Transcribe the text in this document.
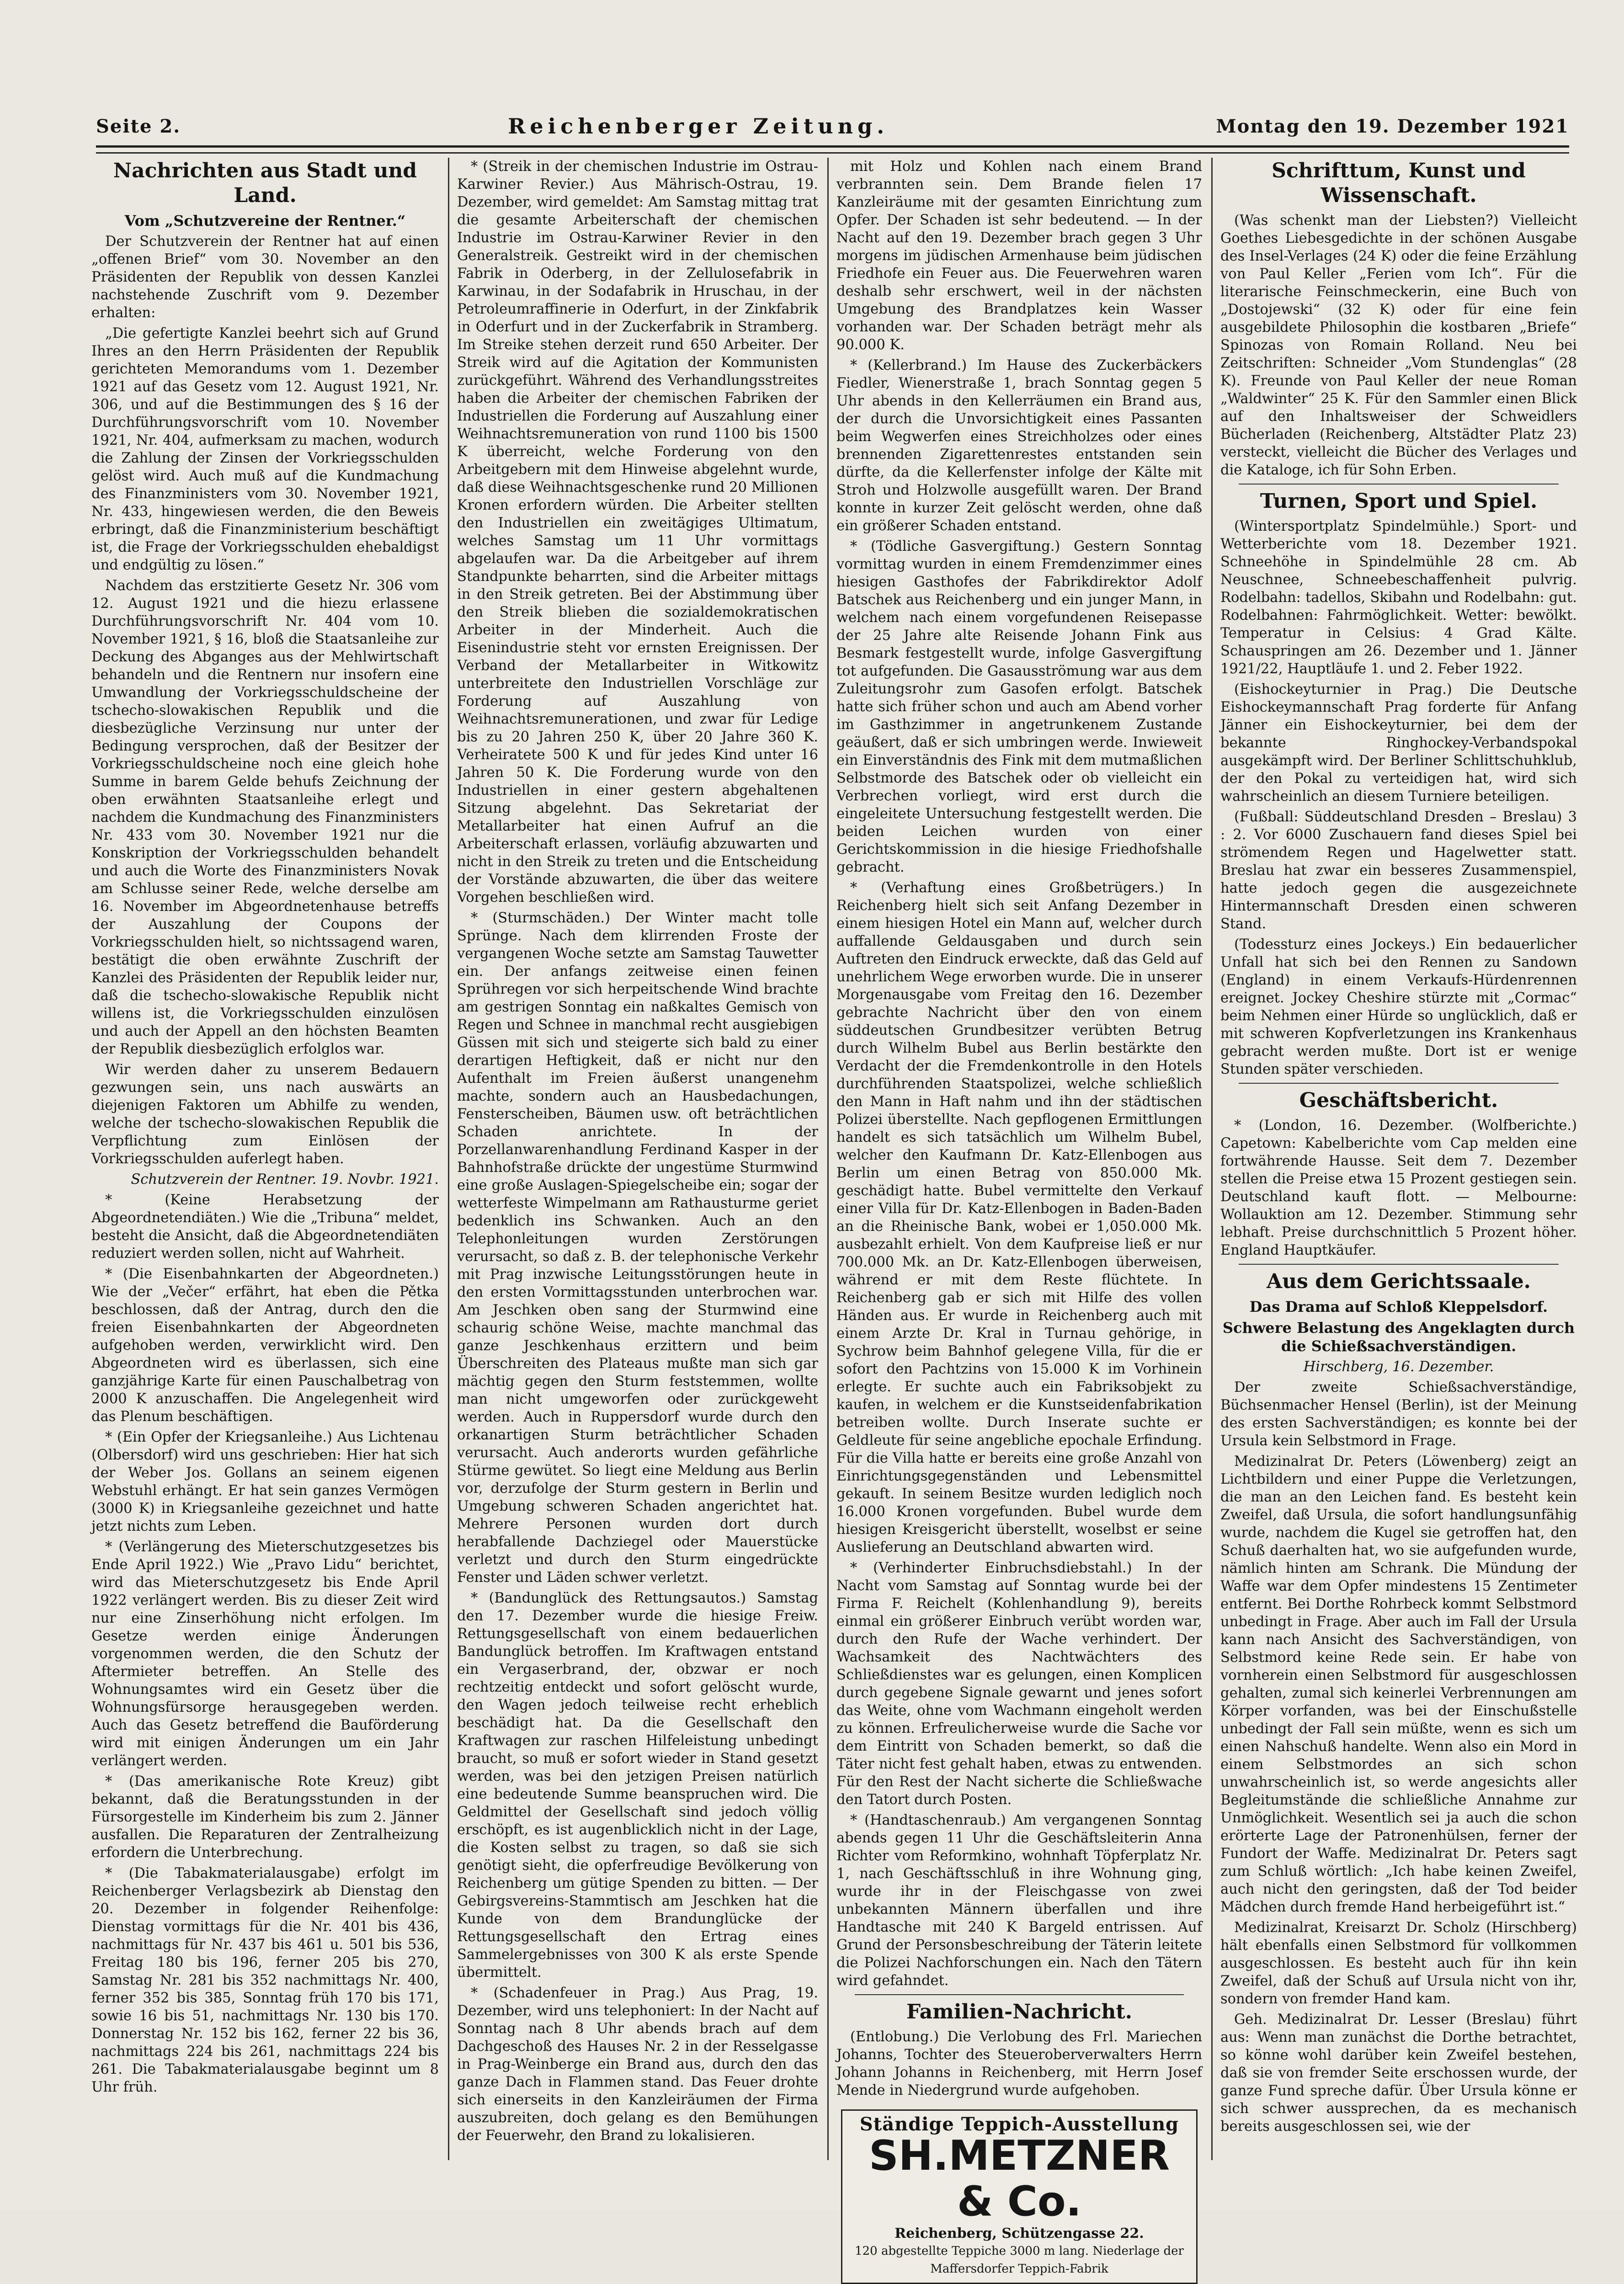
Seite 2.	Reichenberger Zeitung.	Montag den 19. Dezember 1921
Nachrichten aus Stadt und Land.
Vom „Schutzvereine der Rentner.“

Der Schutzverein der Rentner hat auf einen „offenen Brief“ vom 30. November an den Präsidenten der Republik von dessen Kanzlei nachstehende Zuschrift vom 9. Dezember erhalten:

„Die gefertigte Kanzlei beehrt sich auf Grund Ihres an den Herrn Präsidenten der Republik gerichteten Memorandums vom 1. Dezember 1921 auf das Gesetz vom 12. August 1921, Nr. 306, und auf die Bestimmungen des § 16 der Durchführungsvorschrift vom 10. November 1921, Nr. 404, aufmerksam zu machen, wodurch die Zahlung der Zinsen der Vorkriegsschulden gelöst wird. Auch muß auf die Kundmachung des Finanzministers vom 30. November 1921, Nr. 433, hingewiesen werden, die den Beweis erbringt, daß die Finanzministerium beschäftigt ist, die Frage der Vorkriegsschulden ehebaldigst und endgültig zu lösen.“

Nachdem das erstzitierte Gesetz Nr. 306 vom 12. August 1921 und die hiezu erlassene Durchführungsvorschrift Nr. 404 vom 10. November 1921, § 16, bloß die Staatsanleihe zur Deckung des Abganges aus der Mehlwirtschaft behandeln und die Rentnern nur insofern eine Umwandlung der Vorkriegsschuldscheine der tschecho-slowakischen Republik und die diesbezügliche Verzinsung nur unter der Bedingung versprochen, daß der Besitzer der Vorkriegsschuldscheine noch eine gleich hohe Summe in barem Gelde behufs Zeichnung der oben erwähnten Staatsanleihe erlegt und nachdem die Kundmachung des Finanzministers Nr. 433 vom 30. November 1921 nur die Konskription der Vorkriegsschulden behandelt und auch die Worte des Finanzministers Novak am Schlusse seiner Rede, welche derselbe am 16. November im Abgeordnetenhause betreffs der Auszahlung der Coupons der Vorkriegsschulden hielt, so nichtssagend waren, bestätigt die oben erwähnte Zuschrift der Kanzlei des Präsidenten der Republik leider nur, daß die tschecho-slowakische Republik nicht willens ist, die Vorkriegsschulden einzulösen und auch der Appell an den höchsten Beamten der Republik diesbezüglich erfolglos war.

Wir werden daher zu unserem Bedauern gezwungen sein, uns nach auswärts an diejenigen Faktoren um Abhilfe zu wenden, welche der tschecho-slowakischen Republik die Verpflichtung zum Einlösen der Vorkriegsschulden auferlegt haben.

Schutzverein der Rentner. 19. Novbr. 1921.

* (Keine Herabsetzung der Abgeordnetendiäten.) Wie die „Tribuna“ meldet, besteht die Ansicht, daß die Abgeordnetendiäten reduziert werden sollen, nicht auf Wahrheit.

* (Die Eisenbahnkarten der Abgeordneten.) Wie der „Večer“ erfährt, hat eben die Pětka beschlossen, daß der Antrag, durch den die freien Eisenbahnkarten der Abgeordneten aufgehoben werden, verwirklicht wird. Den Abgeordneten wird es überlassen, sich eine ganzjährige Karte für einen Pauschalbetrag von 2000 K anzuschaffen. Die Angelegenheit wird das Plenum beschäftigen.

* (Ein Opfer der Kriegsanleihe.) Aus Lichtenau (Olbersdorf) wird uns geschrieben: Hier hat sich der Weber Jos. Gollans an seinem eigenen Webstuhl erhängt. Er hat sein ganzes Vermögen (3000 K) in Kriegsanleihe gezeichnet und hatte jetzt nichts zum Leben.

* (Verlängerung des Mieterschutzgesetzes bis Ende April 1922.) Wie „Pravo Lidu“ berichtet, wird das Mieterschutzgesetz bis Ende April 1922 verlängert werden. Bis zu dieser Zeit wird nur eine Zinserhöhung nicht erfolgen. Im Gesetze werden einige Änderungen vorgenommen werden, die den Schutz der Aftermieter betreffen. An Stelle des Wohnungsamtes wird ein Gesetz über die Wohnungsfürsorge herausgegeben werden. Auch das Gesetz betreffend die Bauförderung wird mit einigen Änderungen um ein Jahr verlängert werden.

* (Das amerikanische Rote Kreuz) gibt bekannt, daß die Beratungsstunden in der Fürsorgestelle im Kinderheim bis zum 2. Jänner ausfallen. Die Reparaturen der Zentralheizung erfordern die Unterbrechung.

* (Die Tabakmaterialausgabe) erfolgt im Reichenberger Verlagsbezirk ab Dienstag den 20. Dezember in folgender Reihenfolge: Dienstag vormittags für die Nr. 401 bis 436, nachmittags für Nr. 437 bis 461 u. 501 bis 536, Freitag 180 bis 196, ferner 205 bis 270, Samstag Nr. 281 bis 352 nachmittags Nr. 400, ferner 352 bis 385, Sonntag früh 170 bis 171, sowie 16 bis 51, nachmittags Nr. 130 bis 170. Donnerstag Nr. 152 bis 162, ferner 22 bis 36, nachmittags 224 bis 261, nachmittags 224 bis 261. Die Tabakmaterialausgabe beginnt um 8 Uhr früh.

* (Streik in der chemischen Industrie im Ostrau-Karwiner Revier.) Aus Mährisch-Ostrau, 19. Dezember, wird gemeldet: Am Samstag mittag trat die gesamte Arbeiterschaft der chemischen Industrie im Ostrau-Karwiner Revier in den Generalstreik. Gestreikt wird in der chemischen Fabrik in Oderberg, in der Zellulosefabrik in Karwinau, in der Sodafabrik in Hruschau, in der Petroleumraffinerie in Oderfurt, in der Zinkfabrik in Oderfurt und in der Zuckerfabrik in Stramberg. Im Streike stehen derzeit rund 650 Arbeiter. Der Streik wird auf die Agitation der Kommunisten zurückgeführt. Während des Verhandlungsstreites haben die Arbeiter der chemischen Fabriken der Industriellen die Forderung auf Auszahlung einer Weihnachtsremuneration von rund 1100 bis 1500 K überreicht, welche Forderung von den Arbeitgebern mit dem Hinweise abgelehnt wurde, daß diese Weihnachtsgeschenke rund 20 Millionen Kronen erfordern würden. Die Arbeiter stellten den Industriellen ein zweitägiges Ultimatum, welches Samstag um 11 Uhr vormittags abgelaufen war. Da die Arbeitgeber auf ihrem Standpunkte beharrten, sind die Arbeiter mittags in den Streik getreten. Bei der Abstimmung über den Streik blieben die sozialdemokratischen Arbeiter in der Minderheit. Auch die Eisenindustrie steht vor ernsten Ereignissen. Der Verband der Metallarbeiter in Witkowitz unterbreitete den Industriellen Vorschläge zur Forderung auf Auszahlung von Weihnachtsremunerationen, und zwar für Ledige bis zu 20 Jahren 250 K, über 20 Jahre 360 K. Verheiratete 500 K und für jedes Kind unter 16 Jahren 50 K. Die Forderung wurde von den Industriellen in einer gestern abgehaltenen Sitzung abgelehnt. Das Sekretariat der Metallarbeiter hat einen Aufruf an die Arbeiterschaft erlassen, vorläufig abzuwarten und nicht in den Streik zu treten und die Entscheidung der Vorstände abzuwarten, die über das weitere Vorgehen beschließen wird.

* (Sturmschäden.) Der Winter macht tolle Sprünge. Nach dem klirrenden Froste der vergangenen Woche setzte am Samstag Tauwetter ein. Der anfangs zeitweise einen feinen Sprühregen vor sich herpeitschende Wind brachte am gestrigen Sonntag ein naßkaltes Gemisch von Regen und Schnee in manchmal recht ausgiebigen Güssen mit sich und steigerte sich bald zu einer derartigen Heftigkeit, daß er nicht nur den Aufenthalt im Freien äußerst unangenehm machte, sondern auch an Hausbedachungen, Fensterscheiben, Bäumen usw. oft beträchtlichen Schaden anrichtete. In der Porzellanwarenhandlung Ferdinand Kasper in der Bahnhofstraße drückte der ungestüme Sturmwind eine große Auslagen-Spiegelscheibe ein; sogar der wetterfeste Wimpelmann am Rathausturme geriet bedenklich ins Schwanken. Auch an den Telephonleitungen wurden Zerstörungen verursacht, so daß z. B. der telephonische Verkehr mit Prag inzwische Leitungsstörungen heute in den ersten Vormittagsstunden unterbrochen war. Am Jeschken oben sang der Sturmwind eine schaurig schöne Weise, machte manchmal das ganze Jeschkenhaus erzittern und beim Überschreiten des Plateaus mußte man sich gar mächtig gegen den Sturm feststemmen, wollte man nicht umgeworfen oder zurückgeweht werden. Auch in Ruppersdorf wurde durch den orkanartigen Sturm beträchtlicher Schaden verursacht. Auch anderorts wurden gefährliche Stürme gewütet. So liegt eine Meldung aus Berlin vor, derzufolge der Sturm gestern in Berlin und Umgebung schweren Schaden angerichtet hat. Mehrere Personen wurden dort durch herabfallende Dachziegel oder Mauerstücke verletzt und durch den Sturm eingedrückte Fenster und Läden schwer verletzt.

* (Bandunglück des Rettungsautos.) Samstag den 17. Dezember wurde die hiesige Freiw. Rettungsgesellschaft von einem bedauerlichen Bandunglück betroffen. Im Kraftwagen entstand ein Vergaserbrand, der, obzwar er noch rechtzeitig entdeckt und sofort gelöscht wurde, den Wagen jedoch teilweise recht erheblich beschädigt hat. Da die Gesellschaft den Kraftwagen zur raschen Hilfeleistung unbedingt braucht, so muß er sofort wieder in Stand gesetzt werden, was bei den jetzigen Preisen natürlich eine bedeutende Summe beanspruchen wird. Die Geldmittel der Gesellschaft sind jedoch völlig erschöpft, es ist augenblicklich nicht in der Lage, die Kosten selbst zu tragen, so daß sie sich genötigt sieht, die opferfreudige Bevölkerung von Reichenberg um gütige Spenden zu bitten. — Der Gebirgsvereins-Stammtisch am Jeschken hat die Kunde von dem Brandunglücke der Rettungsgesellschaft den Ertrag eines Sammelergebnisses von 300 K als erste Spende übermittelt.

* (Schadenfeuer in Prag.) Aus Prag, 19. Dezember, wird uns telephoniert: In der Nacht auf Sonntag nach 8 Uhr abends brach auf dem Dachgeschoß des Hauses Nr. 2 in der Resselgasse in Prag-Weinberge ein Brand aus, durch den das ganze Dach in Flammen stand. Das Feuer drohte sich einerseits in den Kanzleiräumen der Firma auszubreiten, doch gelang es den Bemühungen der Feuerwehr, den Brand zu lokalisieren.

mit Holz und Kohlen nach einem Brand verbrannten sein. Dem Brande fielen 17 Kanzleiräume mit der gesamten Einrichtung zum Opfer. Der Schaden ist sehr bedeutend. — In der Nacht auf den 19. Dezember brach gegen 3 Uhr morgens im jüdischen Armenhause beim jüdischen Friedhofe ein Feuer aus. Die Feuerwehren waren deshalb sehr erschwert, weil in der nächsten Umgebung des Brandplatzes kein Wasser vorhanden war. Der Schaden beträgt mehr als 90.000 K.

* (Kellerbrand.) Im Hause des Zuckerbäckers Fiedler, Wienerstraße 1, brach Sonntag gegen 5 Uhr abends in den Kellerräumen ein Brand aus, der durch die Unvorsichtigkeit eines Passanten beim Wegwerfen eines Streichholzes oder eines brennenden Zigarettenrestes entstanden sein dürfte, da die Kellerfenster infolge der Kälte mit Stroh und Holzwolle ausgefüllt waren. Der Brand konnte in kurzer Zeit gelöscht werden, ohne daß ein größerer Schaden entstand.

* (Tödliche Gasvergiftung.) Gestern Sonntag vormittag wurden in einem Fremdenzimmer eines hiesigen Gasthofes der Fabrikdirektor Adolf Batschek aus Reichenberg und ein junger Mann, in welchem nach einem vorgefundenen Reisepasse der 25 Jahre alte Reisende Johann Fink aus Besmark festgestellt wurde, infolge Gasvergiftung tot aufgefunden. Die Gasausströmung war aus dem Zuleitungsrohr zum Gasofen erfolgt. Batschek hatte sich früher schon und auch am Abend vorher im Gasthzimmer in angetrunkenem Zustande geäußert, daß er sich umbringen werde. Inwieweit ein Einverständnis des Fink mit dem mutmaßlichen Selbstmorde des Batschek oder ob vielleicht ein Verbrechen vorliegt, wird erst durch die eingeleitete Untersuchung festgestellt werden. Die beiden Leichen wurden von einer Gerichtskommission in die hiesige Friedhofshalle gebracht.

* (Verhaftung eines Großbetrügers.) In Reichenberg hielt sich seit Anfang Dezember in einem hiesigen Hotel ein Mann auf, welcher durch auffallende Geldausgaben und durch sein Auftreten den Eindruck erweckte, daß das Geld auf unehrlichem Wege erworben wurde. Die in unserer Morgenausgabe vom Freitag den 16. Dezember gebrachte Nachricht über den von einem süddeutschen Grundbesitzer verübten Betrug durch Wilhelm Bubel aus Berlin bestärkte den Verdacht der die Fremdenkontrolle in den Hotels durchführenden Staatspolizei, welche schließlich den Mann in Haft nahm und ihn der städtischen Polizei überstellte. Nach gepflogenen Ermittlungen handelt es sich tatsächlich um Wilhelm Bubel, welcher den Kaufmann Dr. Katz-Ellenbogen aus Berlin um einen Betrag von 850.000 Mk. geschädigt hatte. Bubel vermittelte den Verkauf einer Villa für Dr. Katz-Ellenbogen in Baden-Baden an die Rheinische Bank, wobei er 1,050.000 Mk. ausbezahlt erhielt. Von dem Kaufpreise ließ er nur 700.000 Mk. an Dr. Katz-Ellenbogen überweisen, während er mit dem Reste flüchtete. In Reichenberg gab er sich mit Hilfe des vollen Händen aus. Er wurde in Reichenberg auch mit einem Arzte Dr. Kral in Turnau gehörige, in Sychrow beim Bahnhof gelegene Villa, für die er sofort den Pachtzins von 15.000 K im Vorhinein erlegte. Er suchte auch ein Fabriksobjekt zu kaufen, in welchem er die Kunstseidenfabrikation betreiben wollte. Durch Inserate suchte er Geldleute für seine angebliche epochale Erfindung. Für die Villa hatte er bereits eine große Anzahl von Einrichtungsgegenständen und Lebensmittel gekauft. In seinem Besitze wurden lediglich noch 16.000 Kronen vorgefunden. Bubel wurde dem hiesigen Kreisgericht überstellt, woselbst er seine Auslieferung an Deutschland abwarten wird.

* (Verhinderter Einbruchsdiebstahl.) In der Nacht vom Samstag auf Sonntag wurde bei der Firma F. Reichelt (Kohlenhandlung 9), bereits einmal ein größerer Einbruch verübt worden war, durch den Rufe der Wache verhindert. Der Wachsamkeit des Nachtwächters des Schließdienstes war es gelungen, einen Komplicen durch gegebene Signale gewarnt und jenes sofort das Weite, ohne vom Wachmann eingeholt werden zu können. Erfreulicherweise wurde die Sache vor dem Eintritt von Schaden bemerkt, so daß die Täter nicht fest gehalt haben, etwas zu entwenden. Für den Rest der Nacht sicherte die Schließwache den Tatort durch Posten.

* (Handtaschenraub.) Am vergangenen Sonntag abends gegen 11 Uhr die Geschäftsleiterin Anna Richter vom Reformkino, wohnhaft Töpferplatz Nr. 1, nach Geschäftsschluß in ihre Wohnung ging, wurde ihr in der Fleischgasse von zwei unbekannten Männern überfallen und ihre Handtasche mit 240 K Bargeld entrissen. Auf Grund der Personsbeschreibung der Täterin leitete die Polizei Nachforschungen ein. Nach den Tätern wird gefahndet.

Familien-Nachricht.

(Entlobung.) Die Verlobung des Frl. Mariechen Johanns, Tochter des Steueroberverwalters Herrn Johann Johanns in Reichenberg, mit Herrn Josef Mende in Niedergrund wurde aufgehoben.

Ständige Teppich-Ausstellung
SH.METZNER & Co.
Reichenberg, Schützengasse 22.
120 abgestellte Teppiche 3000 m lang. Niederlage der Maffersdorfer Teppich-Fabrik
Schrifttum, Kunst und Wissenschaft.

(Was schenkt man der Liebsten?) Vielleicht Goethes Liebesgedichte in der schönen Ausgabe des Insel-Verlages (24 K) oder die feine Erzählung von Paul Keller „Ferien vom Ich“. Für die literarische Feinschmeckerin, eine Buch von „Dostojewski“ (32 K) oder für eine fein ausgebildete Philosophin die kostbaren „Briefe“ Spinozas von Romain Rolland. Neu bei Zeitschriften: Schneider „Vom Stundenglas“ (28 K). Freunde von Paul Keller der neue Roman „Waldwinter“ 25 K. Für den Sammler einen Blick auf den Inhaltsweiser der Schweidlers Bücherladen (Reichenberg, Altstädter Platz 23) versteckt, vielleicht die Bücher des Verlages und die Kataloge, ich für Sohn Erben.

Turnen, Sport und Spiel.

(Wintersportplatz Spindelmühle.) Sport- und Wetterberichte vom 18. Dezember 1921. Schneehöhe in Spindelmühle 28 cm. Ab Neuschnee, Schneebeschaffenheit pulvrig. Rodelbahn: tadellos, Skibahn und Rodelbahn: gut. Rodelbahnen: Fahrmöglichkeit. Wetter: bewölkt. Temperatur in Celsius: 4 Grad Kälte. Schauspringen am 26. Dezember und 1. Jänner 1921/22, Hauptläufe 1. und 2. Feber 1922.

(Eishockeyturnier in Prag.) Die Deutsche Eishockeymannschaft Prag forderte für Anfang Jänner ein Eishockeyturnier, bei dem der bekannte Ringhockey-Verbandspokal ausgekämpft wird. Der Berliner Schlittschuhklub, der den Pokal zu verteidigen hat, wird sich wahrscheinlich an diesem Turniere beteiligen.

(Fußball: Süddeutschland Dresden – Breslau) 3 : 2. Vor 6000 Zuschauern fand dieses Spiel bei strömendem Regen und Hagelwetter statt. Breslau hat zwar ein besseres Zusammenspiel, hatte jedoch gegen die ausgezeichnete Hintermannschaft Dresden einen schweren Stand.

(Todessturz eines Jockeys.) Ein bedauerlicher Unfall hat sich bei den Rennen zu Sandown (England) in einem Verkaufs-Hürdenrennen ereignet. Jockey Cheshire stürzte mit „Cormac“ beim Nehmen einer Hürde so unglücklich, daß er mit schweren Kopfverletzungen ins Krankenhaus gebracht werden mußte. Dort ist er wenige Stunden später verschieden.

Geschäftsbericht.

* (London, 16. Dezember. (Wolfberichte.) Capetown: Kabelberichte vom Cap melden eine fortwährende Hausse. Seit dem 7. Dezember stellen die Preise etwa 15 Prozent gestiegen sein. Deutschland kauft flott. — Melbourne: Wollauktion am 12. Dezember. Stimmung sehr lebhaft. Preise durchschnittlich 5 Prozent höher. England Hauptkäufer.

Aus dem Gerichtssaale.
Das Drama auf Schloß Kleppelsdorf.
Schwere Belastung des Angeklagten durch die Schießsachverständigen.

Hirschberg, 16. Dezember.

Der zweite Schießsachverständige, Büchsenmacher Hensel (Berlin), ist der Meinung des ersten Sachverständigen; es konnte bei der Ursula kein Selbstmord in Frage.

Medizinalrat Dr. Peters (Löwenberg) zeigt an Lichtbildern und einer Puppe die Verletzungen, die man an den Leichen fand. Es besteht kein Zweifel, daß Ursula, die sofort handlungsunfähig wurde, nachdem die Kugel sie getroffen hat, den Schuß daerhalten hat, wo sie aufgefunden wurde, nämlich hinten am Schrank. Die Mündung der Waffe war dem Opfer mindestens 15 Zentimeter entfernt. Bei Dorthe Rohrbeck kommt Selbstmord unbedingt in Frage. Aber auch im Fall der Ursula kann nach Ansicht des Sachverständigen, von Selbstmord keine Rede sein. Er habe von vornherein einen Selbstmord für ausgeschlossen gehalten, zumal sich keinerlei Verbrennungen am Körper vorfanden, was bei der Einschußstelle unbedingt der Fall sein müßte, wenn es sich um einen Nahschuß handelte. Wenn also ein Mord in einem Selbstmordes an sich schon unwahrscheinlich ist, so werde angesichts aller Begleitumstände die schließliche Annahme zur Unmöglichkeit. Wesentlich sei ja auch die schon erörterte Lage der Patronenhülsen, ferner der Fundort der Waffe. Medizinalrat Dr. Peters sagt zum Schluß wörtlich: „Ich habe keinen Zweifel, auch nicht den geringsten, daß der Tod beider Mädchen durch fremde Hand herbeigeführt ist.“

Medizinalrat, Kreisarzt Dr. Scholz (Hirschberg) hält ebenfalls einen Selbstmord für vollkommen ausgeschlossen. Es besteht auch für ihn kein Zweifel, daß der Schuß auf Ursula nicht von ihr, sondern von fremder Hand kam.

Geh. Medizinalrat Dr. Lesser (Breslau) führt aus: Wenn man zunächst die Dorthe betrachtet, so könne wohl darüber kein Zweifel bestehen, daß sie von fremder Seite erschossen wurde, der ganze Fund spreche dafür. Über Ursula könne er sich schwer aussprechen, da es mechanisch bereits ausgeschlossen sei, wie der
